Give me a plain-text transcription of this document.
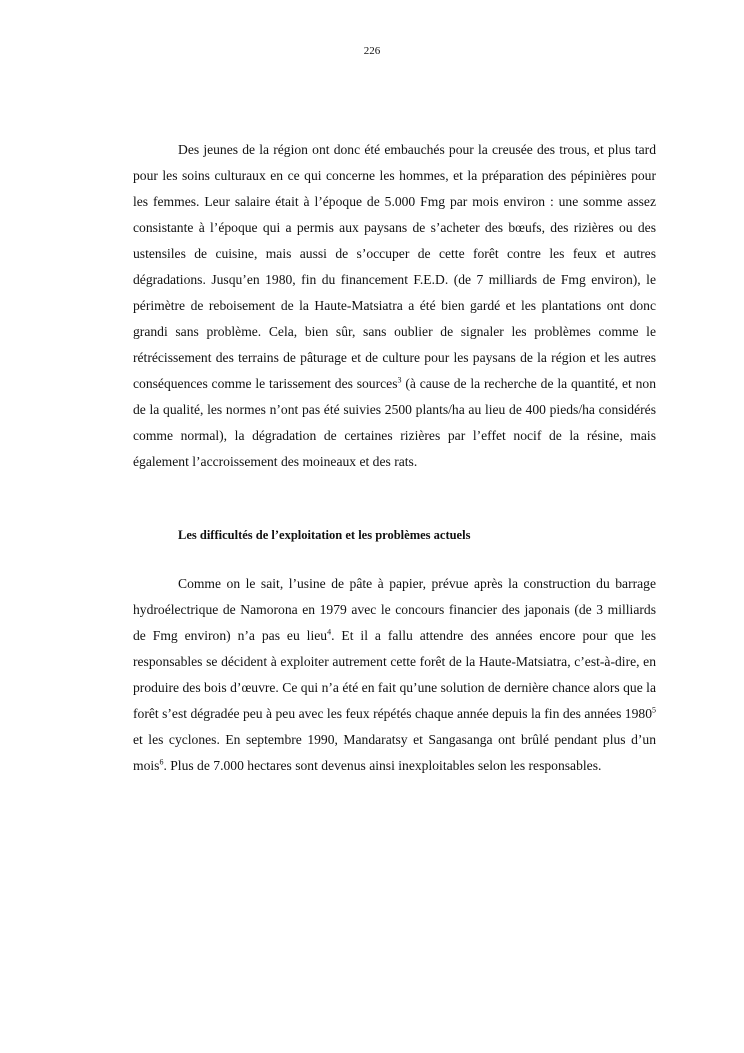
226

Des jeunes de la région ont donc été embauchés pour la creusée des trous, et plus tard pour les soins culturaux en ce qui concerne les hommes, et la préparation des pépinières pour les femmes. Leur salaire était à l’époque de 5.000 Fmg par mois environ : une somme assez consistante à l’époque qui a permis aux paysans de s’acheter des bœufs, des rizières ou des ustensiles de cuisine, mais aussi de s’occuper de cette forêt contre les feux et autres dégradations. Jusqu’en 1980, fin du financement F.E.D. (de 7 milliards de Fmg environ), le périmètre de reboisement de la Haute-Matsiatra a été bien gardé et les plantations ont donc grandi sans problème. Cela, bien sûr, sans oublier de signaler les problèmes comme le rétrécissement des terrains de pâturage et de culture pour les paysans de la région et les autres conséquences comme le tarissement des sources$^3$ (à cause de la recherche de la quantité, et non de la qualité, les normes n’ont pas été suivies 2500 plants/ha au lieu de 400 pieds/ha considérés comme normal), la dégradation de certaines rizières par l’effet nocif de la résine, mais également l’accroissement des moineaux et des rats.

Les difficultés de l’exploitation et les problèmes actuels

Comme on le sait, l’usine de pâte à papier, prévue après la construction du barrage hydroélectrique de Namorona en 1979 avec le concours financier des japonais (de 3 milliards de Fmg environ) n’a pas eu lieu$^4$. Et il a fallu attendre des années encore pour que les responsables se décident à exploiter autrement cette forêt de la Haute-Matsiatra, c’est-à-dire, en produire des bois d’œuvre. Ce qui n’a été en fait qu’une solution de dernière chance alors que la forêt s’est dégradée peu à peu avec les feux répétés chaque année depuis la fin des années 1980$^5$ et les cyclones. En septembre 1990, Mandaratsy et Sangasanga ont brûlé pendant plus d’un mois$^6$. Plus de 7.000 hectares sont devenus ainsi inexploitables selon les responsables.
